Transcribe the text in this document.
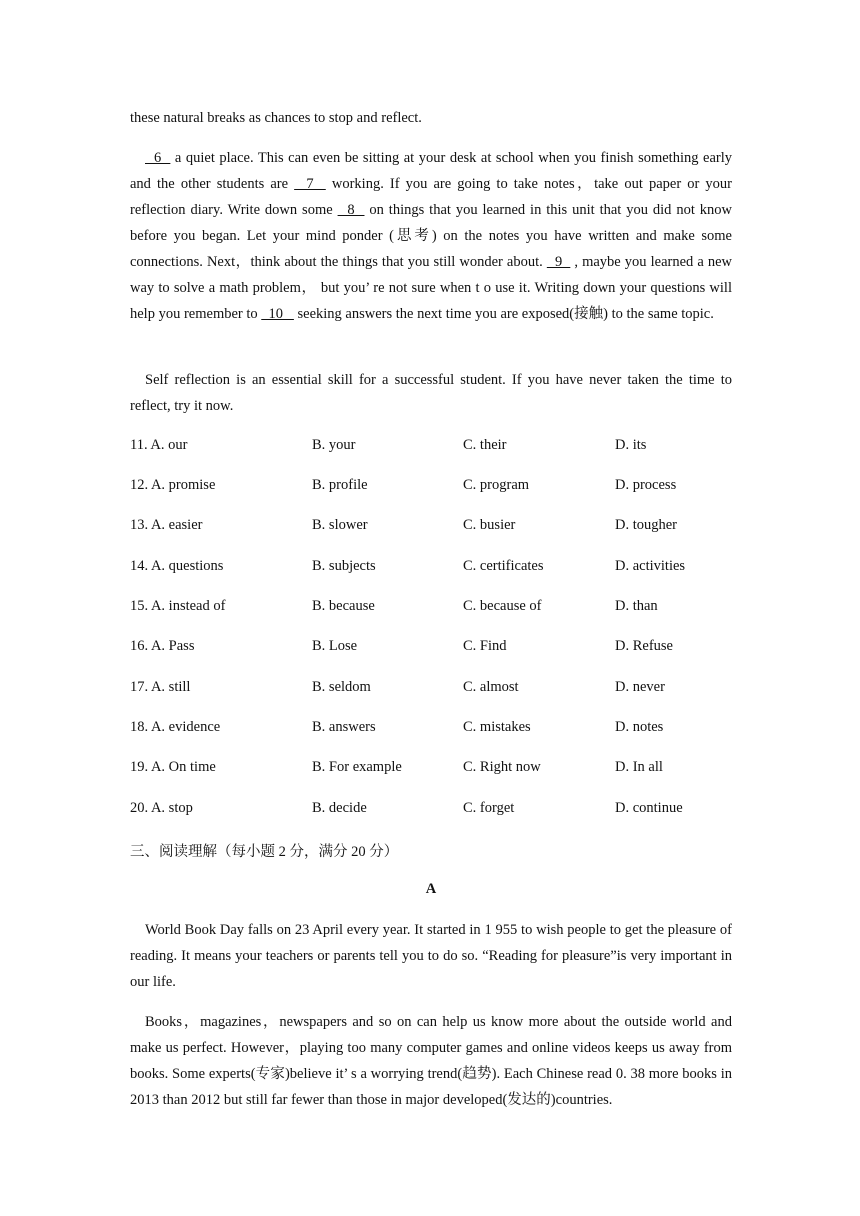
these natural breaks as chances to stop and reflect.
6   a quiet place. This can even be sitting at your desk at school when you finish something early and the other students are   7   working. If you are going to take notes，take out paper or your reflection diary. Write down some   8   on things that you learned in this unit that you did not know before you began. Let your mind ponder (思考) on the notes you have written and make some connections. Next，think about the things that you still wonder about.   9   , maybe you learned a new way to solve a math problem， but you’ re not sure when t o use it. Writing down your questions will help you remember to   10    seeking answers the next time you are exposed(接触) to the same topic.
Self reflection is an essential skill for a successful student. If you have never taken the time to reflect, try it now.
11. A. our	B. your	C. their	D. its
12. A. promise	B. profile	C. program	D. process
13. A. easier	B. slower	C. busier	D. tougher
14. A. questions	B. subjects	C. certificates	D. activities
15. A. instead of	B. because	C. because of	D. than
16. A. Pass	B. Lose	C. Find	D. Refuse
17. A. still	B. seldom	C. almost	D. never
18. A. evidence	B. answers	C. mistakes	D. notes
19. A. On time	B. For example	C. Right now	D. In all
20. A. stop	B. decide	C. forget	D. continue
三、阅读理解（每小题 2 分，满分 20 分）
A
World Book Day falls on 23 April every year. It started in 1 955 to wish people to get the pleasure of reading. It means your teachers or parents tell you to do so. “Reading for pleasure”is very important in our life.
Books，magazines，newspapers and so on can help us know more about the outside world and make us perfect. However，playing too many computer games and online videos keeps us away from books. Some experts(专家)believe it’ s a worrying trend(趋势). Each Chinese read 0. 38 more books in 2013 than 2012 but still far fewer than those in major developed(发达的)countries.
